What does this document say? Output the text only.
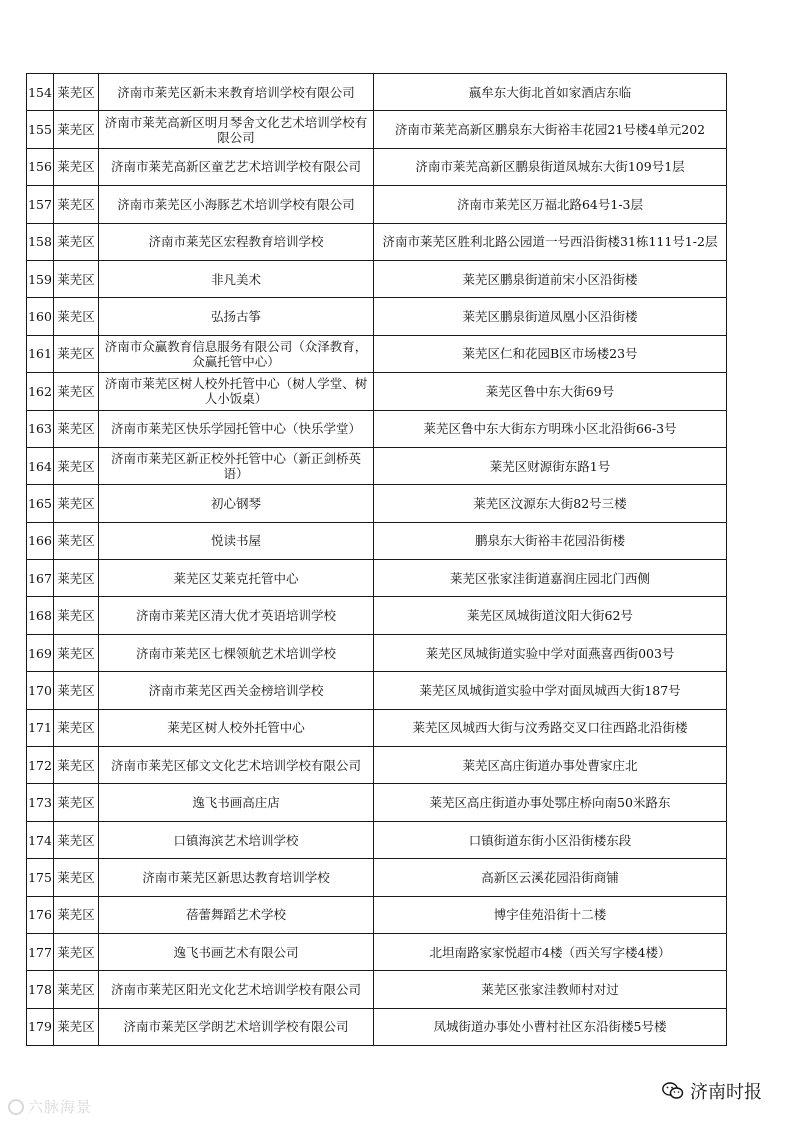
154	莱芜区	济南市莱芜区新未来教育培训学校有限公司	嬴牟东大街北首如家酒店东临
155	莱芜区	济南市莱芜高新区明月琴舍文化艺术培训学校有限公司	济南市莱芜高新区鹏泉东大街裕丰花园21号楼4单元202
156	莱芜区	济南市莱芜高新区童艺艺术培训学校有限公司	济南市莱芜高新区鹏泉街道凤城东大街109号1层
157	莱芜区	济南市莱芜区小海豚艺术培训学校有限公司	济南市莱芜区万福北路64号1-3层
158	莱芜区	济南市莱芜区宏程教育培训学校	济南市莱芜区胜利北路公园道一号西沿街楼31栋111号1-2层
159	莱芜区	非凡美术	莱芜区鹏泉街道前宋小区沿街楼
160	莱芜区	弘扬古筝	莱芜区鹏泉街道凤凰小区沿街楼
161	莱芜区	济南市众赢教育信息服务有限公司（众泽教育，众赢托管中心）	莱芜区仁和花园B区市场楼23号
162	莱芜区	济南市莱芜区树人校外托管中心（树人学堂、树人小饭桌）	莱芜区鲁中东大街69号
163	莱芜区	济南市莱芜区快乐学园托管中心（快乐学堂）	莱芜区鲁中东大街东方明珠小区北沿街66-3号
164	莱芜区	济南市莱芜区新正校外托管中心（新正剑桥英语）	莱芜区财源街东路1号
165	莱芜区	初心钢琴	莱芜区汶源东大街82号三楼
166	莱芜区	悦读书屋	鹏泉东大街裕丰花园沿街楼
167	莱芜区	莱芜区艾莱克托管中心	莱芜区张家洼街道嘉润庄园北门西侧
168	莱芜区	济南市莱芜区清大优才英语培训学校	莱芜区凤城街道汶阳大街62号
169	莱芜区	济南市莱芜区七棵领航艺术培训学校	莱芜区凤城街道实验中学对面燕喜西街003号
170	莱芜区	济南市莱芜区西关金榜培训学校	莱芜区凤城街道实验中学对面凤城西大街187号
171	莱芜区	莱芜区树人校外托管中心	莱芜区凤城西大街与汶秀路交叉口往西路北沿街楼
172	莱芜区	济南市莱芜区郁文文化艺术培训学校有限公司	莱芜区高庄街道办事处曹家庄北
173	莱芜区	逸飞书画高庄店	莱芜区高庄街道办事处鄂庄桥向南50米路东
174	莱芜区	口镇海滨艺术培训学校	口镇街道东街小区沿街楼东段
175	莱芜区	济南市莱芜区新思达教育培训学校	高新区云溪花园沿街商铺
176	莱芜区	蓓蕾舞蹈艺术学校	博宇佳苑沿街十二楼
177	莱芜区	逸飞书画艺术有限公司	北坦南路家家悦超市4楼（西关写字楼4楼）
178	莱芜区	济南市莱芜区阳光文化艺术培训学校有限公司	莱芜区张家洼教师村对过
179	莱芜区	济南市莱芜区学朗艺术培训学校有限公司	凤城街道办事处小曹村社区东沿街楼5号楼
六脉海景
济南时报
